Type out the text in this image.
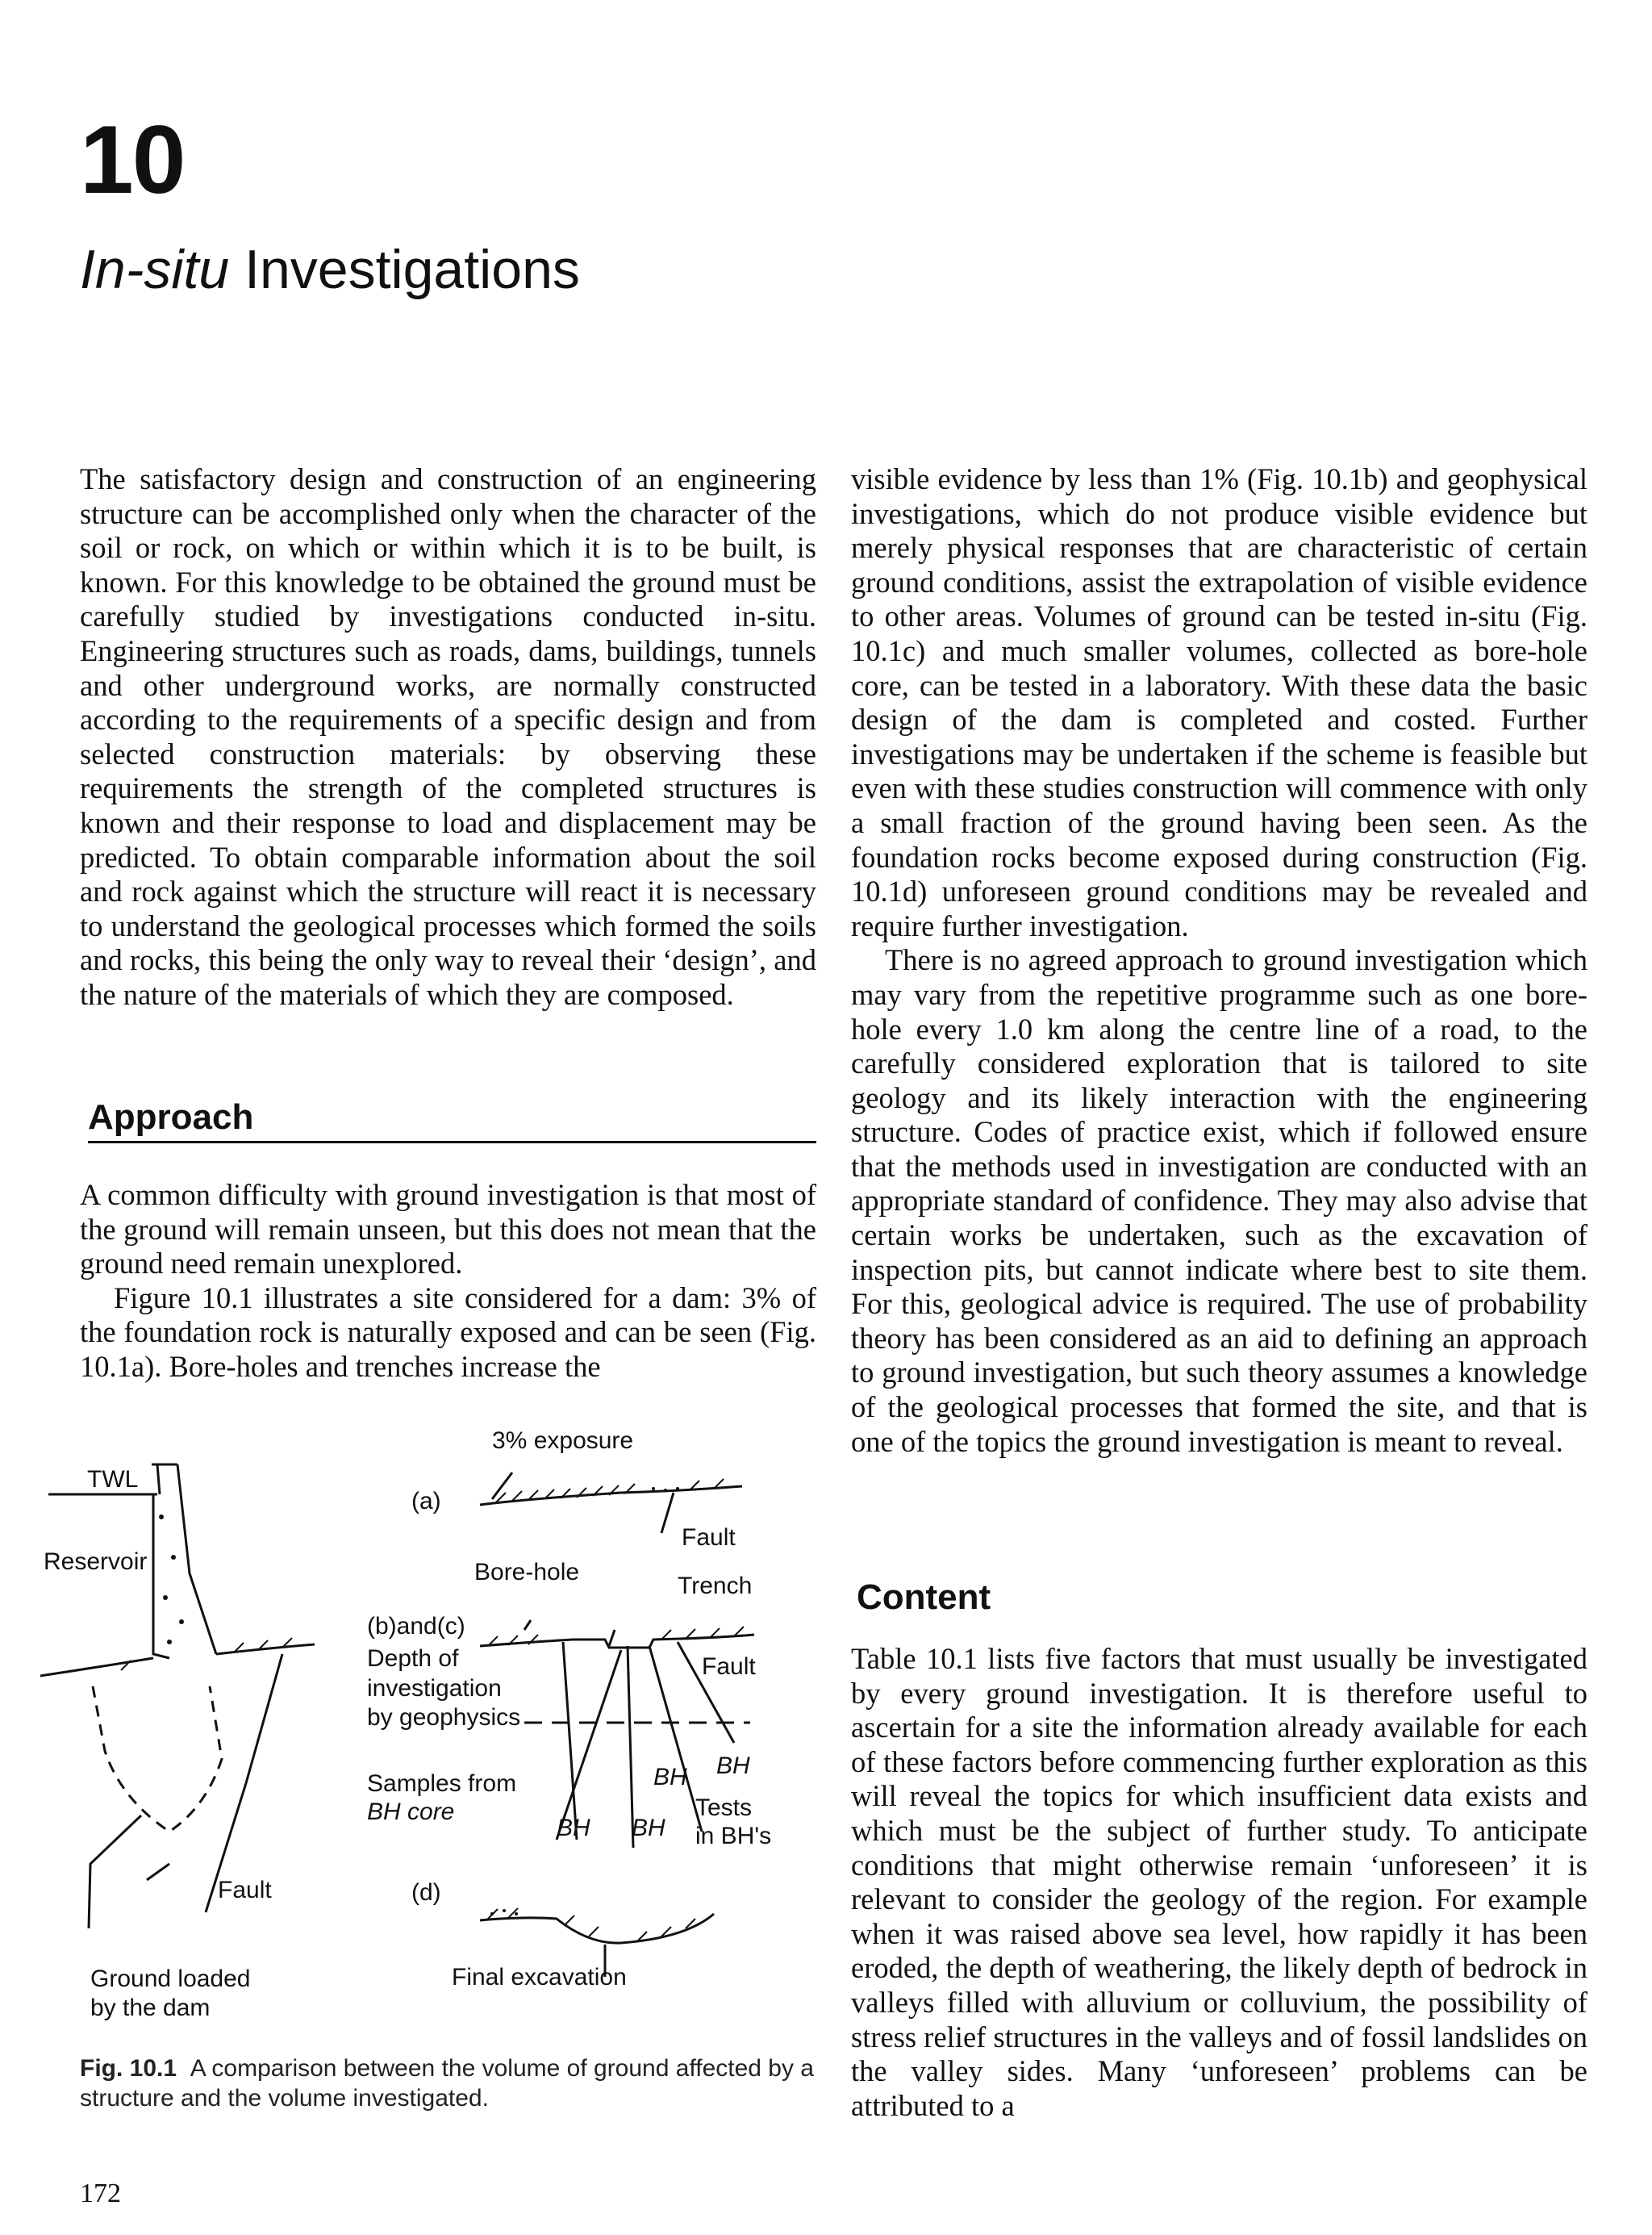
10
In-situ Investigations

The satisfactory design and construction of an engineering structure can be accomplished only when the character of the soil or rock, on which or within which it is to be built, is known. For this knowledge to be obtained the ground must be carefully studied by investigations conducted in-situ. Engineering structures such as roads, dams, buildings, tunnels and other underground works, are normally constructed according to the requirements of a specific design and from selected construction materials: by observing these requirements the strength of the completed structures is known and their response to load and displacement may be predicted. To obtain comparable information about the soil and rock against which the structure will react it is necessary to understand the geological processes which formed the soils and rocks, this being the only way to reveal their ‘design’, and the nature of the materials of which they are composed.

Approach

A common difficulty with ground investigation is that most of the ground will remain unseen, but this does not mean that the ground need remain unexplored.

Figure 10.1 illustrates a site considered for a dam: 3% of the foundation rock is naturally exposed and can be seen (Fig. 10.1a). Bore-holes and trenches increase the

TWL
Reservoir
Fault
Ground loaded
by the dam
3% exposure
(a)
Fault
Bore-hole
Trench
(b)and(c)
Depth of
investigation
by geophysics
Fault
Samples from
BH core
BH
BH
BH BH
Tests
in BH's
(d)
Final excavation
Fig. 10.1 A comparison between the volume of ground affected by a structure and the volume investigated.
172

visible evidence by less than 1% (Fig. 10.1b) and geophysical investigations, which do not produce visible evidence but merely physical responses that are characteristic of certain ground conditions, assist the extrapolation of visible evidence to other areas. Volumes of ground can be tested in-situ (Fig. 10.1c) and much smaller volumes, collected as bore-hole core, can be tested in a laboratory. With these data the basic design of the dam is completed and costed. Further investigations may be undertaken if the scheme is feasible but even with these studies construction will commence with only a small fraction of the ground having been seen. As the foundation rocks become exposed during construction (Fig. 10.1d) unforeseen ground conditions may be revealed and require further investigation.

There is no agreed approach to ground investigation which may vary from the repetitive programme such as one bore-hole every 1.0 km along the centre line of a road, to the carefully considered exploration that is tailored to site geology and its likely interaction with the engineering structure. Codes of practice exist, which if followed ensure that the methods used in investigation are conducted with an appropriate standard of confidence. They may also advise that certain works be undertaken, such as the excavation of inspection pits, but cannot indicate where best to site them. For this, geological advice is required. The use of probability theory has been considered as an aid to defining an approach to ground investigation, but such theory assumes a knowledge of the geological processes that formed the site, and that is one of the topics the ground investigation is meant to reveal.

Content

Table 10.1 lists five factors that must usually be investigated by every ground investigation. It is therefore useful to ascertain for a site the information already available for each of these factors before commencing further exploration as this will reveal the topics for which insufficient data exists and which must be the subject of further study. To anticipate conditions that might otherwise remain ‘unforeseen’ it is relevant to consider the geology of the region. For example when it was raised above sea level, how rapidly it has been eroded, the depth of weathering, the likely depth of bedrock in valleys filled with alluvium or colluvium, the possibility of stress relief structures in the valleys and of fossil landslides on the valley sides. Many ‘unforeseen’ problems can be attributed to a
